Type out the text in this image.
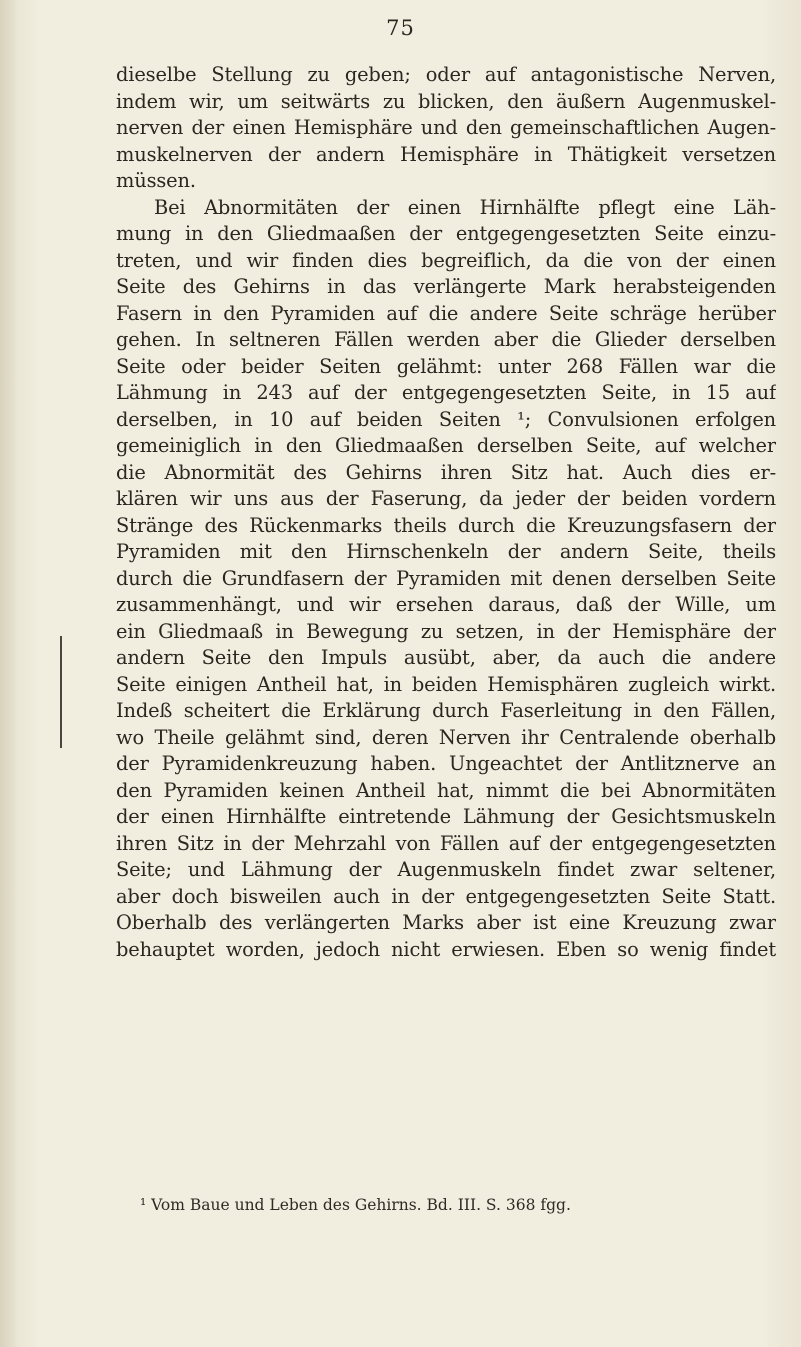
75
dieselbe Stellung zu geben; oder auf antagonistische Nerven,
indem wir, um seitwärts zu blicken, den äußern Augenmuskel-
nerven der einen Hemisphäre und den gemeinschaftlichen Augen-
muskelnerven der andern Hemisphäre in Thätigkeit versetzen
müssen.
Bei Abnormitäten der einen Hirnhälfte pflegt eine Läh-
mung in den Gliedmaaßen der entgegengesetzten Seite einzu-
treten, und wir finden dies begreiflich, da die von der einen
Seite des Gehirns in das verlängerte Mark herabsteigenden
Fasern in den Pyramiden auf die andere Seite schräge herüber
gehen. In seltneren Fällen werden aber die Glieder derselben
Seite oder beider Seiten gelähmt: unter 268 Fällen war die
Lähmung in 243 auf der entgegengesetzten Seite, in 15 auf
derselben, in 10 auf beiden Seiten ¹; Convulsionen erfolgen
gemeiniglich in den Gliedmaaßen derselben Seite, auf welcher
die Abnormität des Gehirns ihren Sitz hat. Auch dies er-
klären wir uns aus der Faserung, da jeder der beiden vordern
Stränge des Rückenmarks theils durch die Kreuzungsfasern der
Pyramiden mit den Hirnschenkeln der andern Seite, theils
durch die Grundfasern der Pyramiden mit denen derselben Seite
zusammenhängt, und wir ersehen daraus, daß der Wille, um
ein Gliedmaaß in Bewegung zu setzen, in der Hemisphäre der
andern Seite den Impuls ausübt, aber, da auch die andere
Seite einigen Antheil hat, in beiden Hemisphären zugleich wirkt.
Indeß scheitert die Erklärung durch Faserleitung in den Fällen,
wo Theile gelähmt sind, deren Nerven ihr Centralende oberhalb
der Pyramidenkreuzung haben. Ungeachtet der Antlitznerve an
den Pyramiden keinen Antheil hat, nimmt die bei Abnormitäten
der einen Hirnhälfte eintretende Lähmung der Gesichtsmuskeln
ihren Sitz in der Mehrzahl von Fällen auf der entgegengesetzten
Seite; und Lähmung der Augenmuskeln findet zwar seltener,
aber doch bisweilen auch in der entgegengesetzten Seite Statt.
Oberhalb des verlängerten Marks aber ist eine Kreuzung zwar
behauptet worden, jedoch nicht erwiesen. Eben so wenig findet
¹ Vom Baue und Leben des Gehirns. Bd. III. S. 368 fgg.
